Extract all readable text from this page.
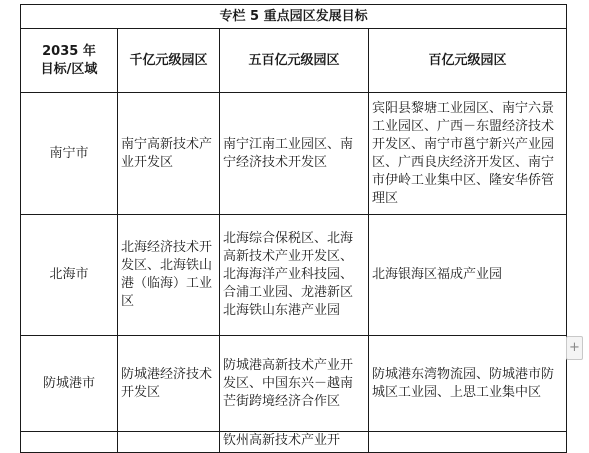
专栏 5 重点园区发展目标			

2035 年
目标/区域	千亿元级园区	五百亿元级园区	百亿元级园区
南宁市	南宁高新技术产业开发区	南宁江南工业园区、南宁经济技术开发区	宾阳县黎塘工业园区、南宁六景工业园区、广西－东盟经济技术开发区、南宁市邕宁新兴产业园区、广西良庆经济开发区、南宁市伊岭工业集中区、隆安华侨管理区
北海市	北海经济技术开发区、北海铁山港（临海）工业区	北海综合保税区、北海高新技术产业开发区、北海海洋产业科技园、合浦工业园、龙港新区北海铁山东港产业园	北海银海区福成产业园
防城港市	防城港经济技术开发区	防城港高新技术产业开发区、中国东兴－越南芒街跨境经济合作区	防城港东湾物流园、防城港市防城区工业园、上思工业集中区

		钦州高新技术产业开	

+
